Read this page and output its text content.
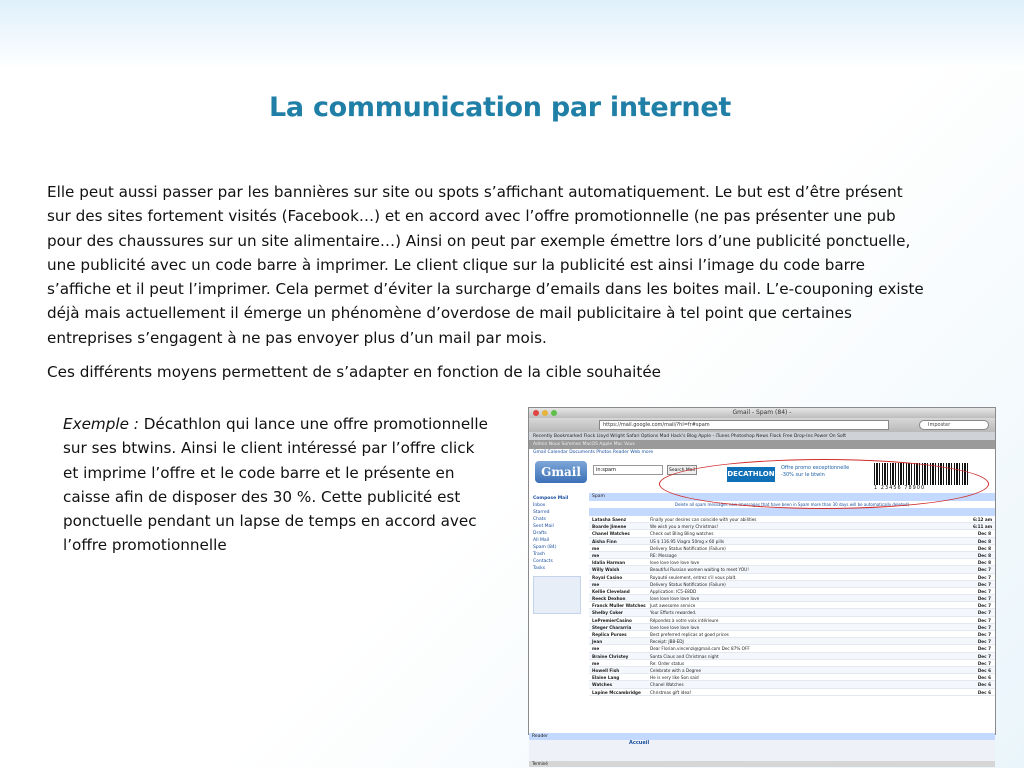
La communication par internet

Elle peut aussi passer par les bannières sur site ou spots s’affichant automatiquement. Le but est d’être présent sur des sites fortement visités (Facebook…) et en accord avec l’offre promotionnelle (ne pas présenter une pub pour des chaussures sur un site alimentaire…) Ainsi on peut par exemple émettre lors d’une publicité ponctuelle, une publicité avec un code barre à imprimer. Le client clique sur la publicité est ainsi l’image du code barre s’affiche et il peut l’imprimer. Cela permet d’éviter la surcharge d’emails dans les boites mail. L’e-couponing existe déjà mais actuellement il émerge un phénomène d’overdose de mail publicitaire à tel point que certaines entreprises s’engagent à ne pas envoyer plus d’un mail par mois.

Ces différents moyens permettent de s’adapter en fonction de la cible souhaitée

Exemple : Décathlon qui lance une offre promotionnelle sur ses btwins. Ainsi le client intéressé par l’offre click et imprime l’offre et le code barre et le présente en caisse afin de disposer des 30 %. Cette publicité est ponctuelle pendant un lapse de temps en accord avec l’offre promotionnelle

Gmail - Spam (84) -
https://mail.google.com/mail/?hl=fr#spam	Imposter
Recently Bookmarked Flock Lloyd Wright Safari Options Mad Hack's Blog Apple - iTunes Photoshop News Flock Free Drop-Ins Power On Soft
Admin Nous Sommes MacOS Apple Mac Vous
Gmail Calendar Documents Photos Reader Web more
Gmail	in:spam	Search Mail	DECATHLON
Offre promo exceptionnelle
-30% sur le btwin
1 23456 78900
Compose Mail
Inbox
Starred
Chats
Sent Mail
Drafts
All Mail
Spam (84)
Trash
Contacts
Tasks
Spam
Delete all spam messages now (messages that have been in Spam more than 30 days will be automatically deleted)
Latasha Saenz	Finally your desires can coincide with your abilities	6:12 am
Boarde Jimene	We wish you a merry Christmas!	6:11 am
Chanel Watches	Check out Bling Bling watches	Dec 8
Aisha Finn	US $ 116.95 Viagra 50mg x 60 pills	Dec 8
me	Delivery Status Notification (Failure)	Dec 8
me	RE: Message	Dec 8
Idalia Harman	love love love love love	Dec 8
Willy Walsh	Beautiful Russian women waiting to meet YOU!	Dec 7
Royal Casino	Royauté seulement, entrez s'il vous plaît.	Dec 7
me	Delivery Status Notification (Failure)	Dec 7
Kellie Cleveland	Application: IC5-E8DD	Dec 7
Reeck Dexhon	love love love love love	Dec 7
Franck Muller Watches	Just awesome service	Dec 7
Shelby Coker	Your Efforts rewarded.	Dec 7
LePremierCasino	Répondez à votre voix intérieure	Dec 7
Steger Chararria	love love love love love	Dec 7
Replica Purses	Best preferred replicas at good prices	Dec 7
Jean	Receipt: JB8-EDJ	Dec 7
me	Dear Florian.vincenzi@gmail.com Dec 87% OFF	Dec 7
Braine Christey	Santa Claus and Christmas night	Dec 7
me	Re: Order status	Dec 7
Howell Fish	Celebrate with a Degree	Dec 6
Elaine Lang	He is very like Son said	Dec 6
Watches	Chanel Watches	Dec 6
Lapine Mccambridge	Christmas gift idea!	Dec 6
Reader
Accueil
Terminé
